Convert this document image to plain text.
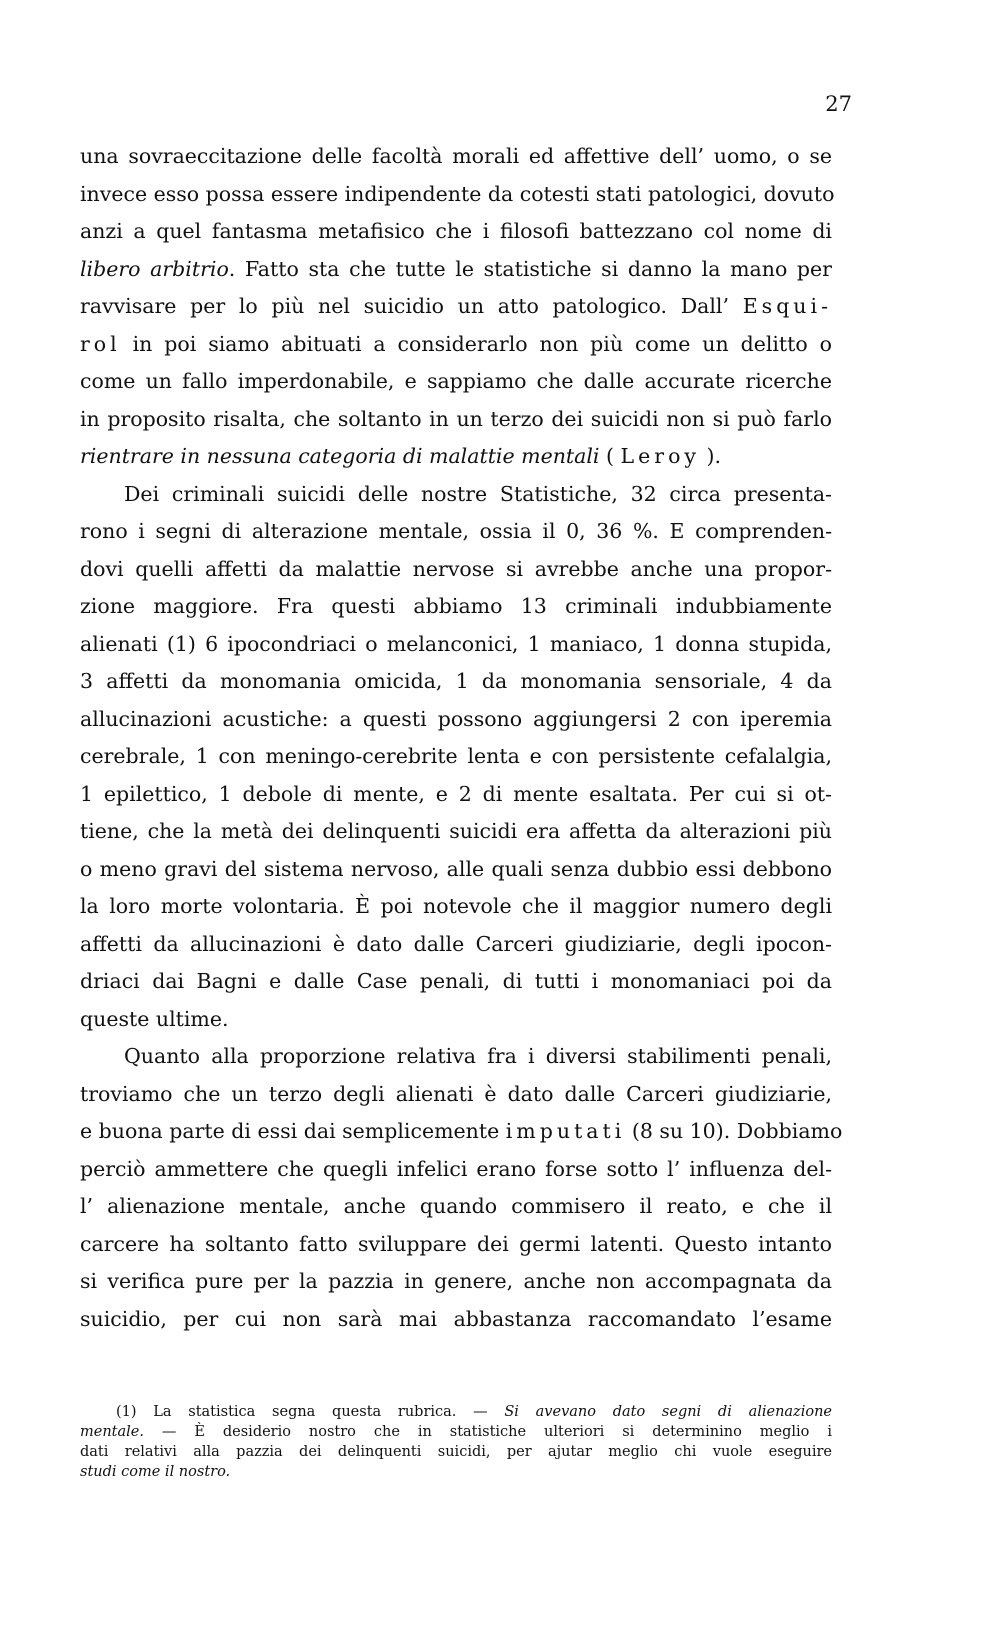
27
una sovraeccitazione delle facoltà morali ed affettive dell’ uomo, o se
invece esso possa essere indipendente da cotesti stati patologici, dovuto
anzi a quel fantasma metafisico che i filosofi battezzano col nome di
libero arbitrio. Fatto sta che tutte le statistiche si danno la mano per
ravvisare per lo più nel suicidio un atto patologico. Dall’ Esqui-
rol in poi siamo abituati a considerarlo non più come un delitto o
come un fallo imperdonabile, e sappiamo che dalle accurate ricerche
in proposito risalta, che soltanto in un terzo dei suicidi non si può farlo
rientrare in nessuna categoria di malattie mentali ( Leroy ).
Dei criminali suicidi delle nostre Statistiche, 32 circa presenta-
rono i segni di alterazione mentale, ossia il 0, 36 %. E comprenden-
dovi quelli affetti da malattie nervose si avrebbe anche una propor-
zione maggiore. Fra questi abbiamo 13 criminali indubbiamente
alienati (1) 6 ipocondriaci o melanconici, 1 maniaco, 1 donna stupida,
3 affetti da monomania omicida, 1 da monomania sensoriale, 4 da
allucinazioni acustiche: a questi possono aggiungersi 2 con iperemia
cerebrale, 1 con meningo-cerebrite lenta e con persistente cefalalgia,
1 epilettico, 1 debole di mente, e 2 di mente esaltata. Per cui si ot-
tiene, che la metà dei delinquenti suicidi era affetta da alterazioni più
o meno gravi del sistema nervoso, alle quali senza dubbio essi debbono
la loro morte volontaria. È poi notevole che il maggior numero degli
affetti da allucinazioni è dato dalle Carceri giudiziarie, degli ipocon-
driaci dai Bagni e dalle Case penali, di tutti i monomaniaci poi da
queste ultime.
Quanto alla proporzione relativa fra i diversi stabilimenti penali,
troviamo che un terzo degli alienati è dato dalle Carceri giudiziarie,
e buona parte di essi dai semplicemente imputati (8 su 10). Dobbiamo
perciò ammettere che quegli infelici erano forse sotto l’ influenza del-
l’ alienazione mentale, anche quando commisero il reato, e che il
carcere ha soltanto fatto sviluppare dei germi latenti. Questo intanto
si verifica pure per la pazzia in genere, anche non accompagnata da
suicidio, per cui non sarà mai abbastanza raccomandato l’esame
(1) La statistica segna questa rubrica. — Si avevano dato segni di alienazione
mentale. — È desiderio nostro che in statistiche ulteriori si determinino meglio i
dati relativi alla pazzia dei delinquenti suicidi, per ajutar meglio chi vuole eseguire
studi come il nostro.
